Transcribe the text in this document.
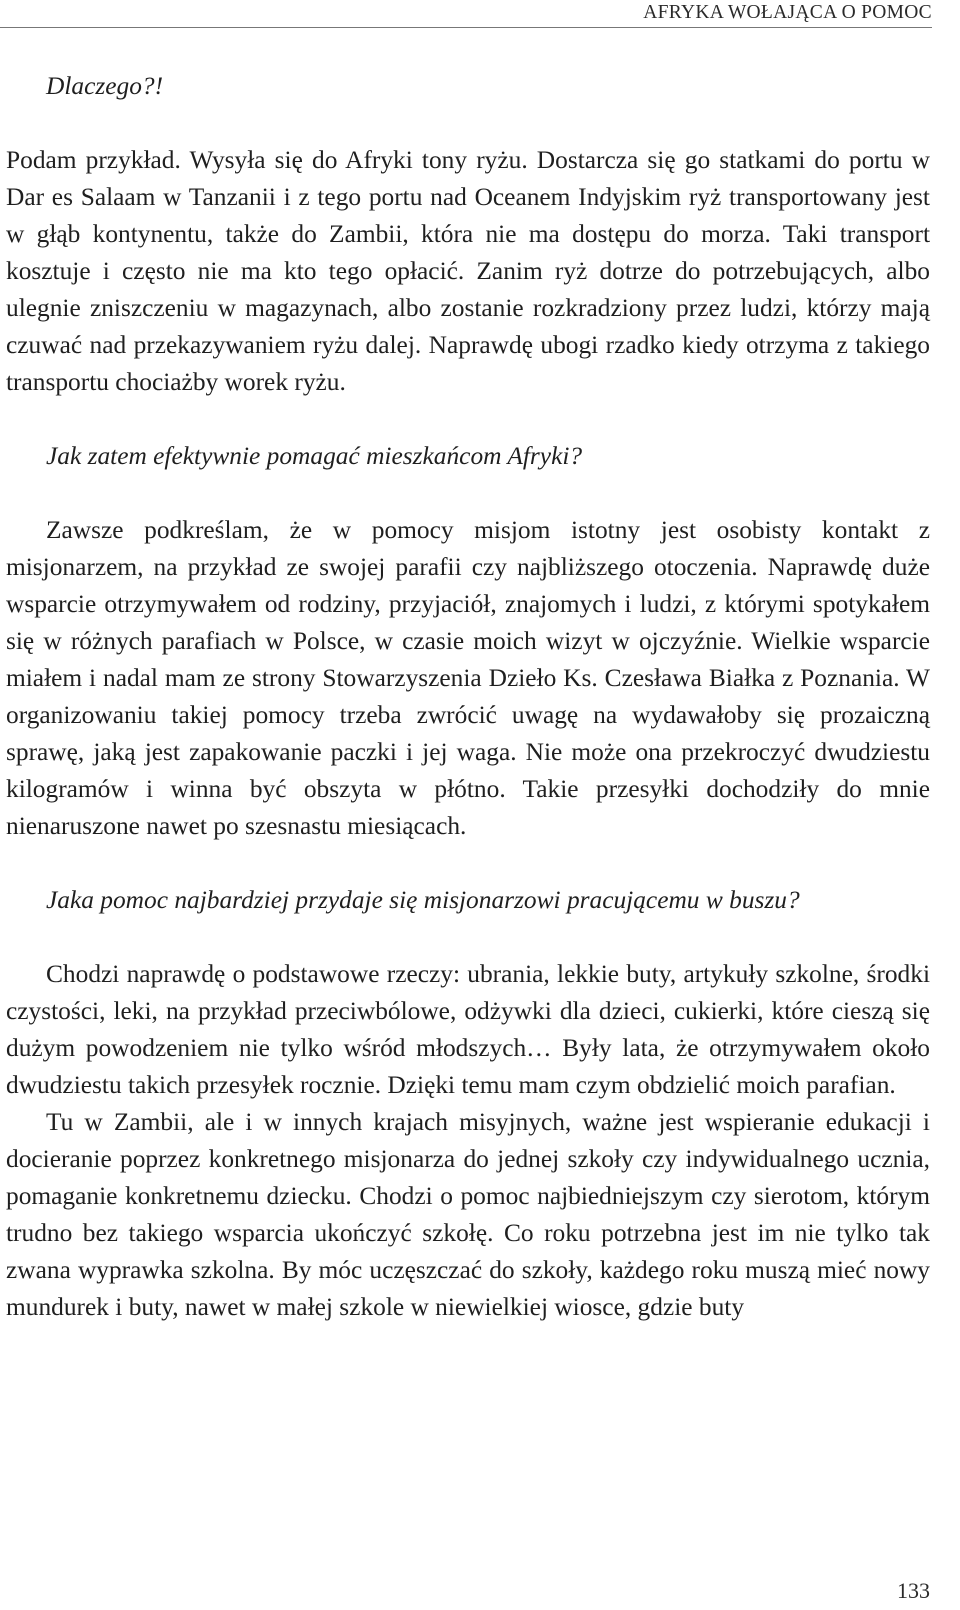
AFRYKA WOŁAJĄCA O POMOC

Dlaczego?!

Podam przykład. Wysyła się do Afryki tony ryżu. Dostarcza się go statkami do portu w Dar es Salaam w Tanzanii i z tego portu nad Oceanem Indyjskim ryż transportowany jest w głąb kontynentu, także do Zambii, która nie ma dostępu do morza. Taki transport kosztuje i często nie ma kto tego opłacić. Zanim ryż dotrze do potrzebujących, albo ulegnie zniszczeniu w magazynach, albo zostanie rozkradziony przez ludzi, którzy mają czuwać nad przekazywaniem ryżu dalej. Naprawdę ubogi rzadko kiedy otrzyma z takiego transportu chociażby worek ryżu.

Jak zatem efektywnie pomagać mieszkańcom Afryki?

Zawsze podkreślam, że w pomocy misjom istotny jest osobisty kontakt z misjonarzem, na przykład ze swojej parafii czy najbliższego otoczenia. Naprawdę duże wsparcie otrzymywałem od rodziny, przyjaciół, znajomych i ludzi, z którymi spotykałem się w różnych parafiach w Polsce, w czasie moich wizyt w ojczyźnie. Wielkie wsparcie miałem i nadal mam ze strony Stowarzyszenia Dzieło Ks. Czesława Białka z Poznania. W organizowaniu takiej pomocy trzeba zwrócić uwagę na wydawałoby się prozaiczną sprawę, jaką jest zapakowanie paczki i jej waga. Nie może ona przekroczyć dwudziestu kilogramów i winna być obszyta w płótno. Takie przesyłki dochodziły do mnie nienaruszone nawet po szesnastu miesiącach.

Jaka pomoc najbardziej przydaje się misjonarzowi pracującemu w buszu?

Chodzi naprawdę o podstawowe rzeczy: ubrania, lekkie buty, artykuły szkolne, środki czystości, leki, na przykład przeciwbólowe, odżywki dla dzieci, cukierki, które cieszą się dużym powodzeniem nie tylko wśród młodszych… Były lata, że otrzymywałem około dwudziestu takich przesyłek rocznie. Dzięki temu mam czym obdzielić moich parafian.

Tu w Zambii, ale i w innych krajach misyjnych, ważne jest wspieranie edukacji i docieranie poprzez konkretnego misjonarza do jednej szkoły czy indywidualnego ucznia, pomaganie konkretnemu dziecku. Chodzi o pomoc najbiedniejszym czy sierotom, którym trudno bez takiego wsparcia ukończyć szkołę. Co roku potrzebna jest im nie tylko tak zwana wyprawka szkolna. By móc uczęszczać do szkoły, każdego roku muszą mieć nowy mundurek i buty, nawet w małej szkole w niewielkiej wiosce, gdzie buty

133
